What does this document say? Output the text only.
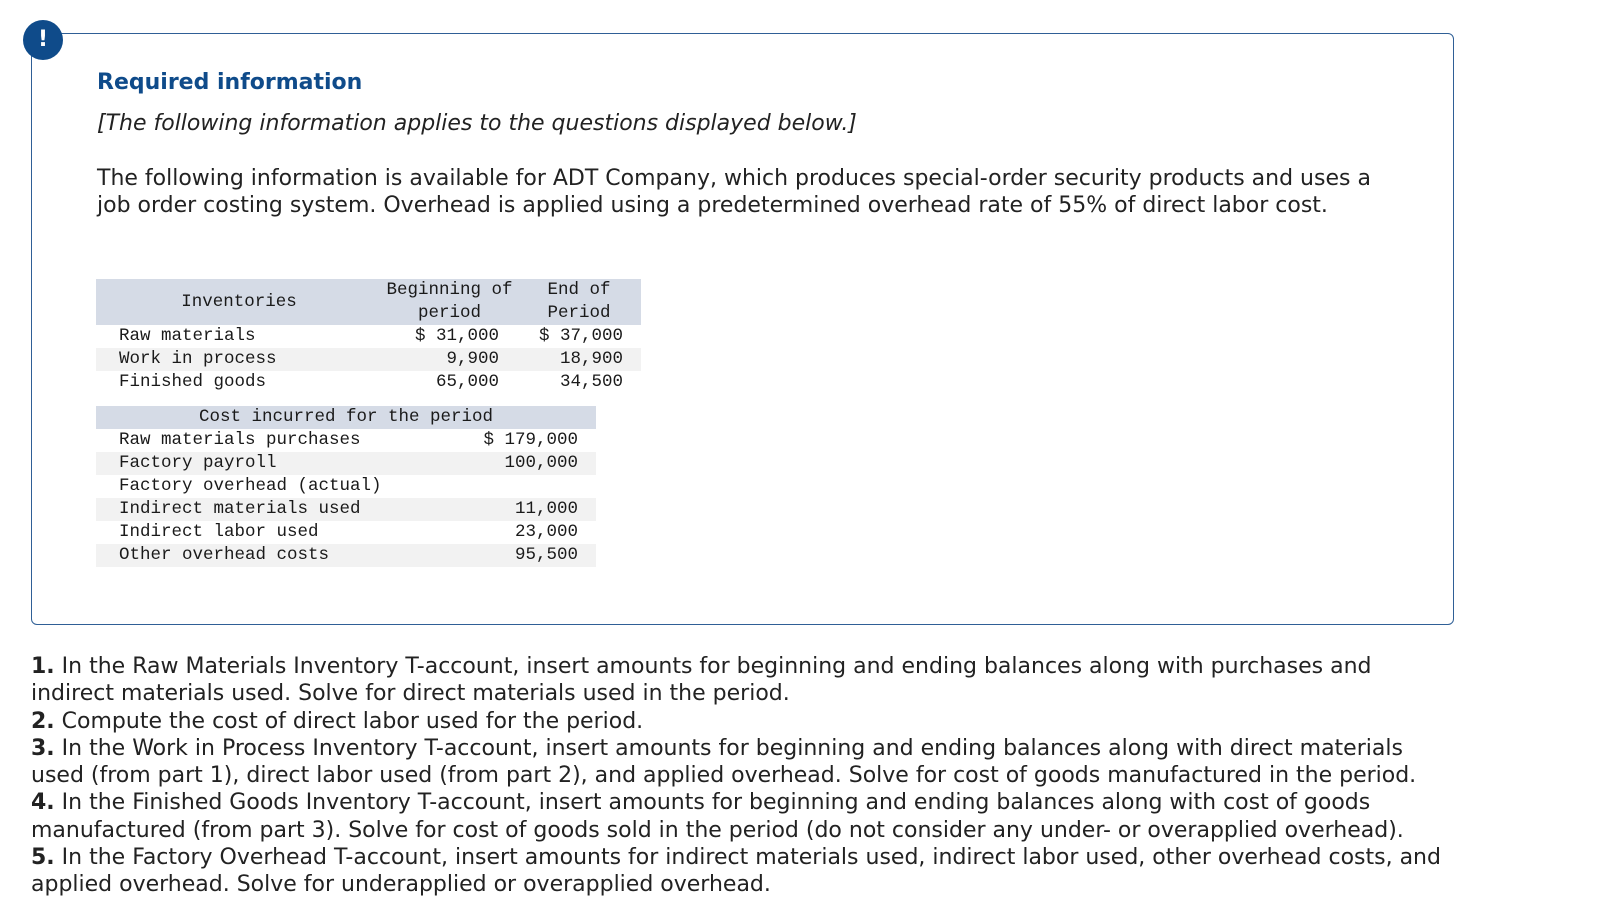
!
Required information

[The following information applies to the questions displayed below.]

The following information is available for ADT Company, which produces special-order security products and uses a job order costing system. Overhead is applied using a predetermined overhead rate of 55% of direct labor cost.

Inventories	Beginning of period	End of Period
Raw materials	$ 31,000	$ 37,000
Work in process	9,900	18,900
Finished goods	65,000	34,500
Cost incurred for the period	
Raw materials purchases	$ 179,000
Factory payroll	100,000
Factory overhead (actual)	
Indirect materials used	11,000
Indirect labor used	23,000
Other overhead costs	95,500
1. In the Raw Materials Inventory T-account, insert amounts for beginning and ending balances along with purchases and indirect materials used. Solve for direct materials used in the period.
2. Compute the cost of direct labor used for the period.
3. In the Work in Process Inventory T-account, insert amounts for beginning and ending balances along with direct materials used (from part 1), direct labor used (from part 2), and applied overhead. Solve for cost of goods manufactured in the period.
4. In the Finished Goods Inventory T-account, insert amounts for beginning and ending balances along with cost of goods manufactured (from part 3). Solve for cost of goods sold in the period (do not consider any under- or overapplied overhead).
5. In the Factory Overhead T-account, insert amounts for indirect materials used, indirect labor used, other overhead costs, and applied overhead. Solve for underapplied or overapplied overhead.
